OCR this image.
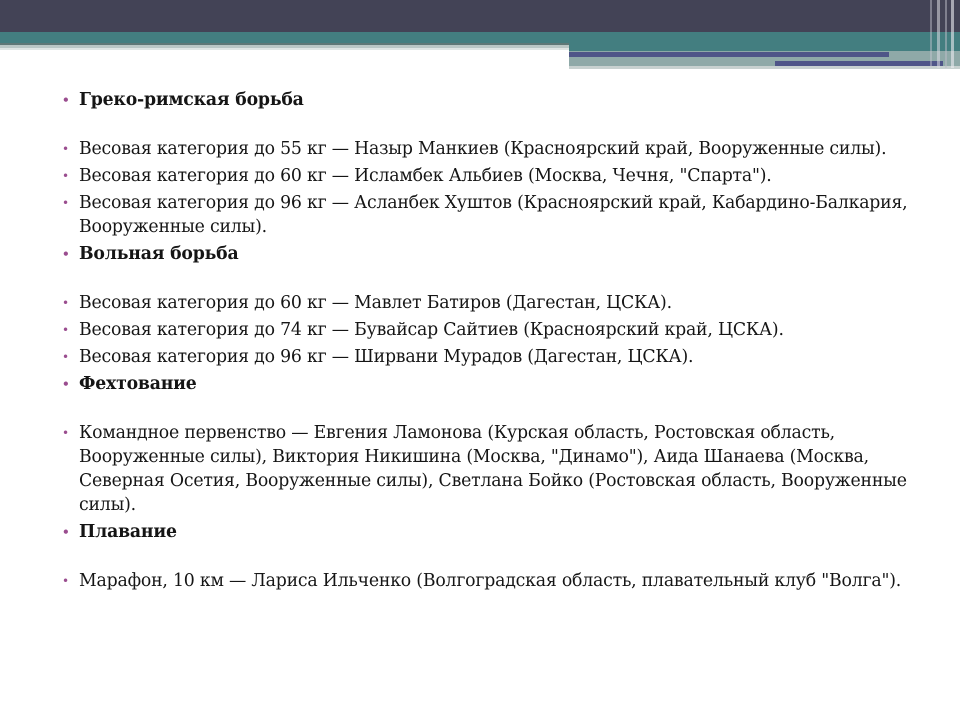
• Греко-римская борьба

• Весовая категория до 55 кг — Назыр Манкиев (Красноярский край, Вооруженные силы).

• Весовая категория до 60 кг — Исламбек Альбиев (Москва, Чечня, "Спарта").

• Весовая категория до 96 кг — Асланбек Хуштов (Красноярский край, Кабардино-Балкария, Вооруженные силы).

• Вольная борьба

• Весовая категория до 60 кг — Мавлет Батиров (Дагестан, ЦСКА).

• Весовая категория до 74 кг — Бувайсар Сайтиев (Красноярский край, ЦСКА).

• Весовая категория до 96 кг — Ширвани Мурадов (Дагестан, ЦСКА).

• Фехтование

• Командное первенство — Евгения Ламонова (Курская область, Ростовская область, Вооруженные силы), Виктория Никишина (Москва, "Динамо"), Аида Шанаева (Москва, Северная Осетия, Вооруженные силы), Светлана Бойко (Ростовская область, Вооруженные силы).

• Плавание

• Марафон, 10 км — Лариса Ильченко (Волгоградская область, плавательный клуб "Волга").
